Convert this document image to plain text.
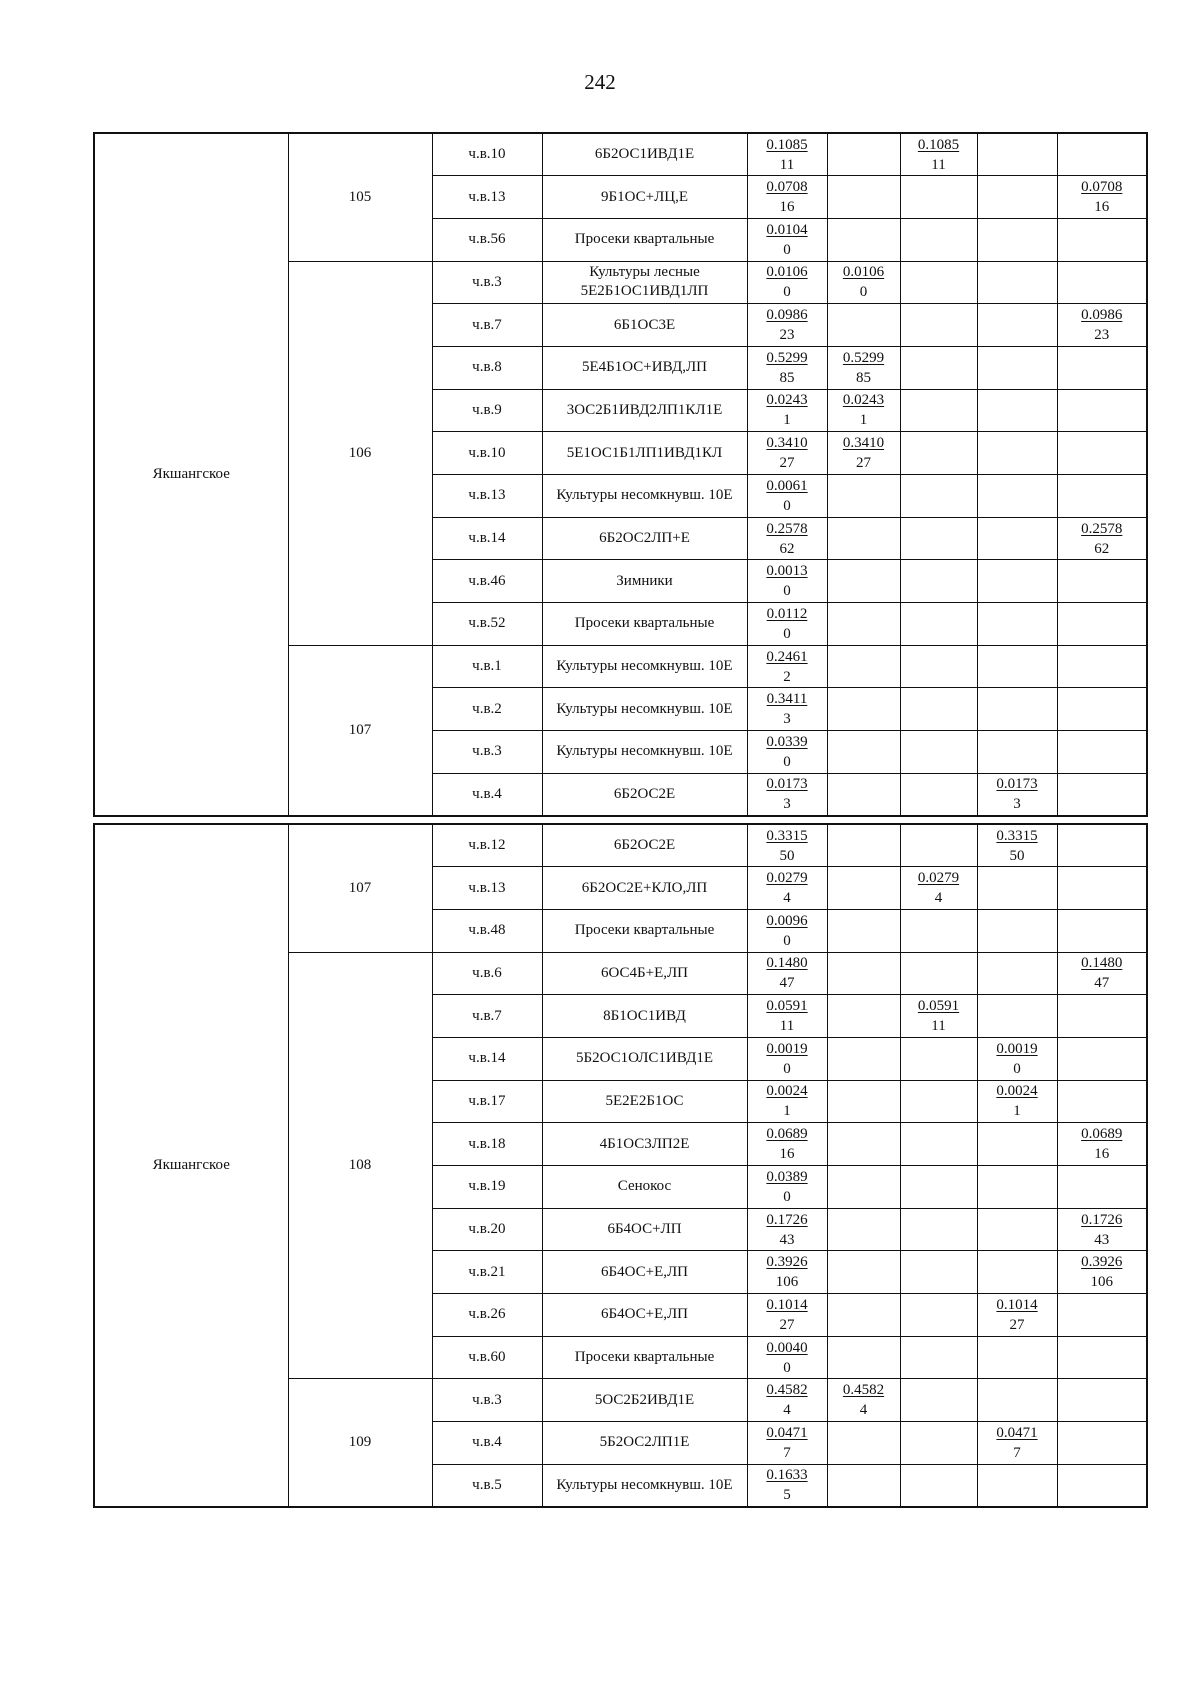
242
Якшангское	105	ч.в.10	6Б2ОС1ИВД1Е	$\frac{0.1085}{11}$		$\frac{0.1085}{11}$

		ч.в.13	9Б1ОС+ЛЦ,Е	$\frac{0.0708}{16}$				$\frac{0.0708}{16}$

		ч.в.56	Просеки квартальные	$\frac{0.0104}{0}$

	106	ч.в.3	Культуры лесные 5Е2Б1ОС1ИВД1ЛП	$\frac{0.0106}{0}$	$\frac{0.0106}{0}$

		ч.в.7	6Б1ОС3Е	$\frac{0.0986}{23}$				$\frac{0.0986}{23}$

		ч.в.8	5Е4Б1ОС+ИВД,ЛП	$\frac{0.5299}{85}$	$\frac{0.5299}{85}$

		ч.в.9	3ОС2Б1ИВД2ЛП1КЛ1Е	$\frac{0.0243}{1}$	$\frac{0.0243}{1}$

		ч.в.10	5Е1ОС1Б1ЛП1ИВД1КЛ	$\frac{0.3410}{27}$	$\frac{0.3410}{27}$

		ч.в.13	Культуры несомкнувш. 10Е	$\frac{0.0061}{0}$

		ч.в.14	6Б2ОС2ЛП+Е	$\frac{0.2578}{62}$				$\frac{0.2578}{62}$

		ч.в.46	Зимники	$\frac{0.0013}{0}$

		ч.в.52	Просеки квартальные	$\frac{0.0112}{0}$

	107	ч.в.1	Культуры несомкнувш. 10Е	$\frac{0.2461}{2}$

		ч.в.2	Культуры несомкнувш. 10Е	$\frac{0.3411}{3}$

		ч.в.3	Культуры несомкнувш. 10Е	$\frac{0.0339}{0}$

		ч.в.4	6Б2ОС2Е	$\frac{0.0173}{3}$			$\frac{0.0173}{3}$

Якшангское	107	ч.в.12	6Б2ОС2Е	$\frac{0.3315}{50}$			$\frac{0.3315}{50}$

		ч.в.13	6Б2ОС2Е+КЛО,ЛП	$\frac{0.0279}{4}$		$\frac{0.0279}{4}$

		ч.в.48	Просеки квартальные	$\frac{0.0096}{0}$

	108	ч.в.6	6ОС4Б+Е,ЛП	$\frac{0.1480}{47}$				$\frac{0.1480}{47}$

		ч.в.7	8Б1ОС1ИВД	$\frac{0.0591}{11}$		$\frac{0.0591}{11}$

		ч.в.14	5Б2ОС1ОЛС1ИВД1Е	$\frac{0.0019}{0}$			$\frac{0.0019}{0}$

		ч.в.17	5Е2Е2Б1ОС	$\frac{0.0024}{1}$			$\frac{0.0024}{1}$

		ч.в.18	4Б1ОС3ЛП2Е	$\frac{0.0689}{16}$				$\frac{0.0689}{16}$

		ч.в.19	Сенокос	$\frac{0.0389}{0}$

		ч.в.20	6Б4ОС+ЛП	$\frac{0.1726}{43}$				$\frac{0.1726}{43}$

		ч.в.21	6Б4ОС+Е,ЛП	$\frac{0.3926}{106}$				$\frac{0.3926}{106}$

		ч.в.26	6Б4ОС+Е,ЛП	$\frac{0.1014}{27}$			$\frac{0.1014}{27}$

		ч.в.60	Просеки квартальные	$\frac{0.0040}{0}$

	109	ч.в.3	5ОС2Б2ИВД1Е	$\frac{0.4582}{4}$	$\frac{0.4582}{4}$

		ч.в.4	5Б2ОС2ЛП1Е	$\frac{0.0471}{7}$			$\frac{0.0471}{7}$

		ч.в.5	Культуры несомкнувш. 10Е	$\frac{0.1633}{5}$
